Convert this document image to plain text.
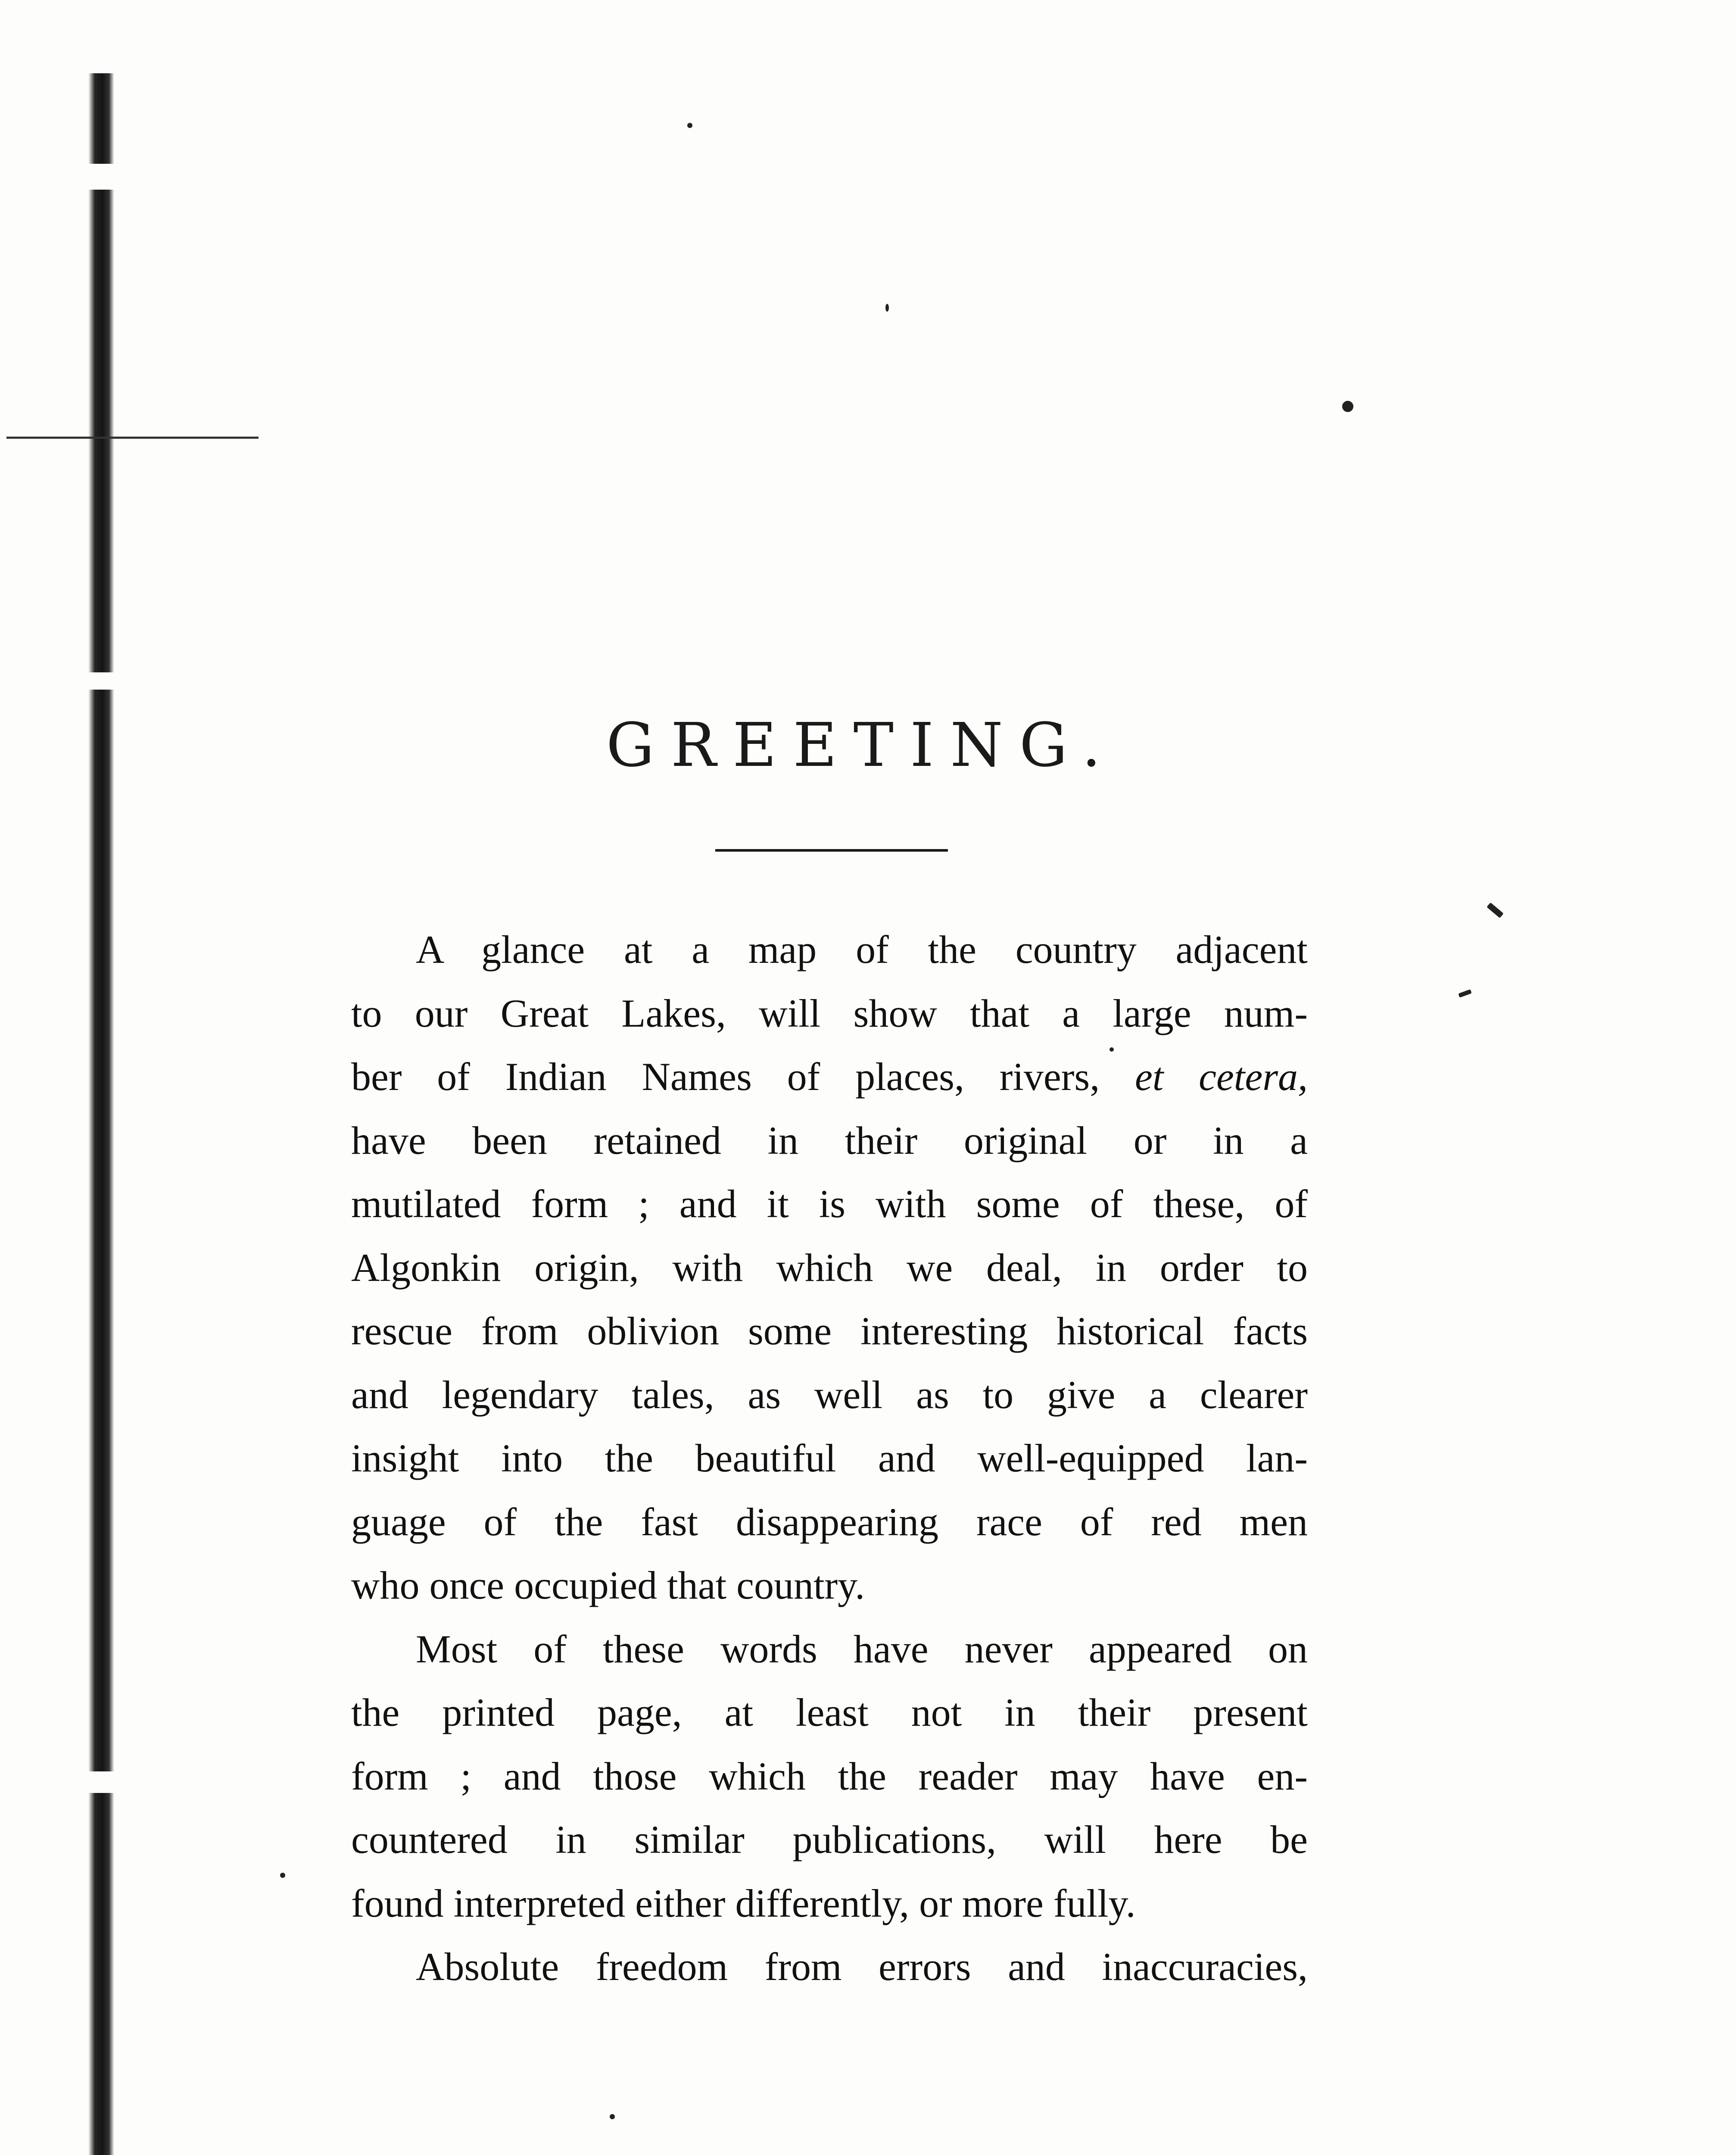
GREETING.
A glance at a map of the country adjacent
to our Great Lakes, will show that a large num-
ber of Indian Names of places, rivers, et cetera,
have been retained in their original or in a
mutilated form ; and it is with some of these, of
Algonkin origin, with which we deal, in order to
rescue from oblivion some interesting historical facts
and legendary tales, as well as to give a clearer
insight into the beautiful and well-equipped lan-
guage of the fast disappearing race of red men
who once occupied that country.
Most of these words have never appeared on
the printed page, at least not in their present
form ; and those which the reader may have en-
countered in similar publications, will here be
found interpreted either differently, or more fully.
Absolute freedom from errors and inaccuracies,
